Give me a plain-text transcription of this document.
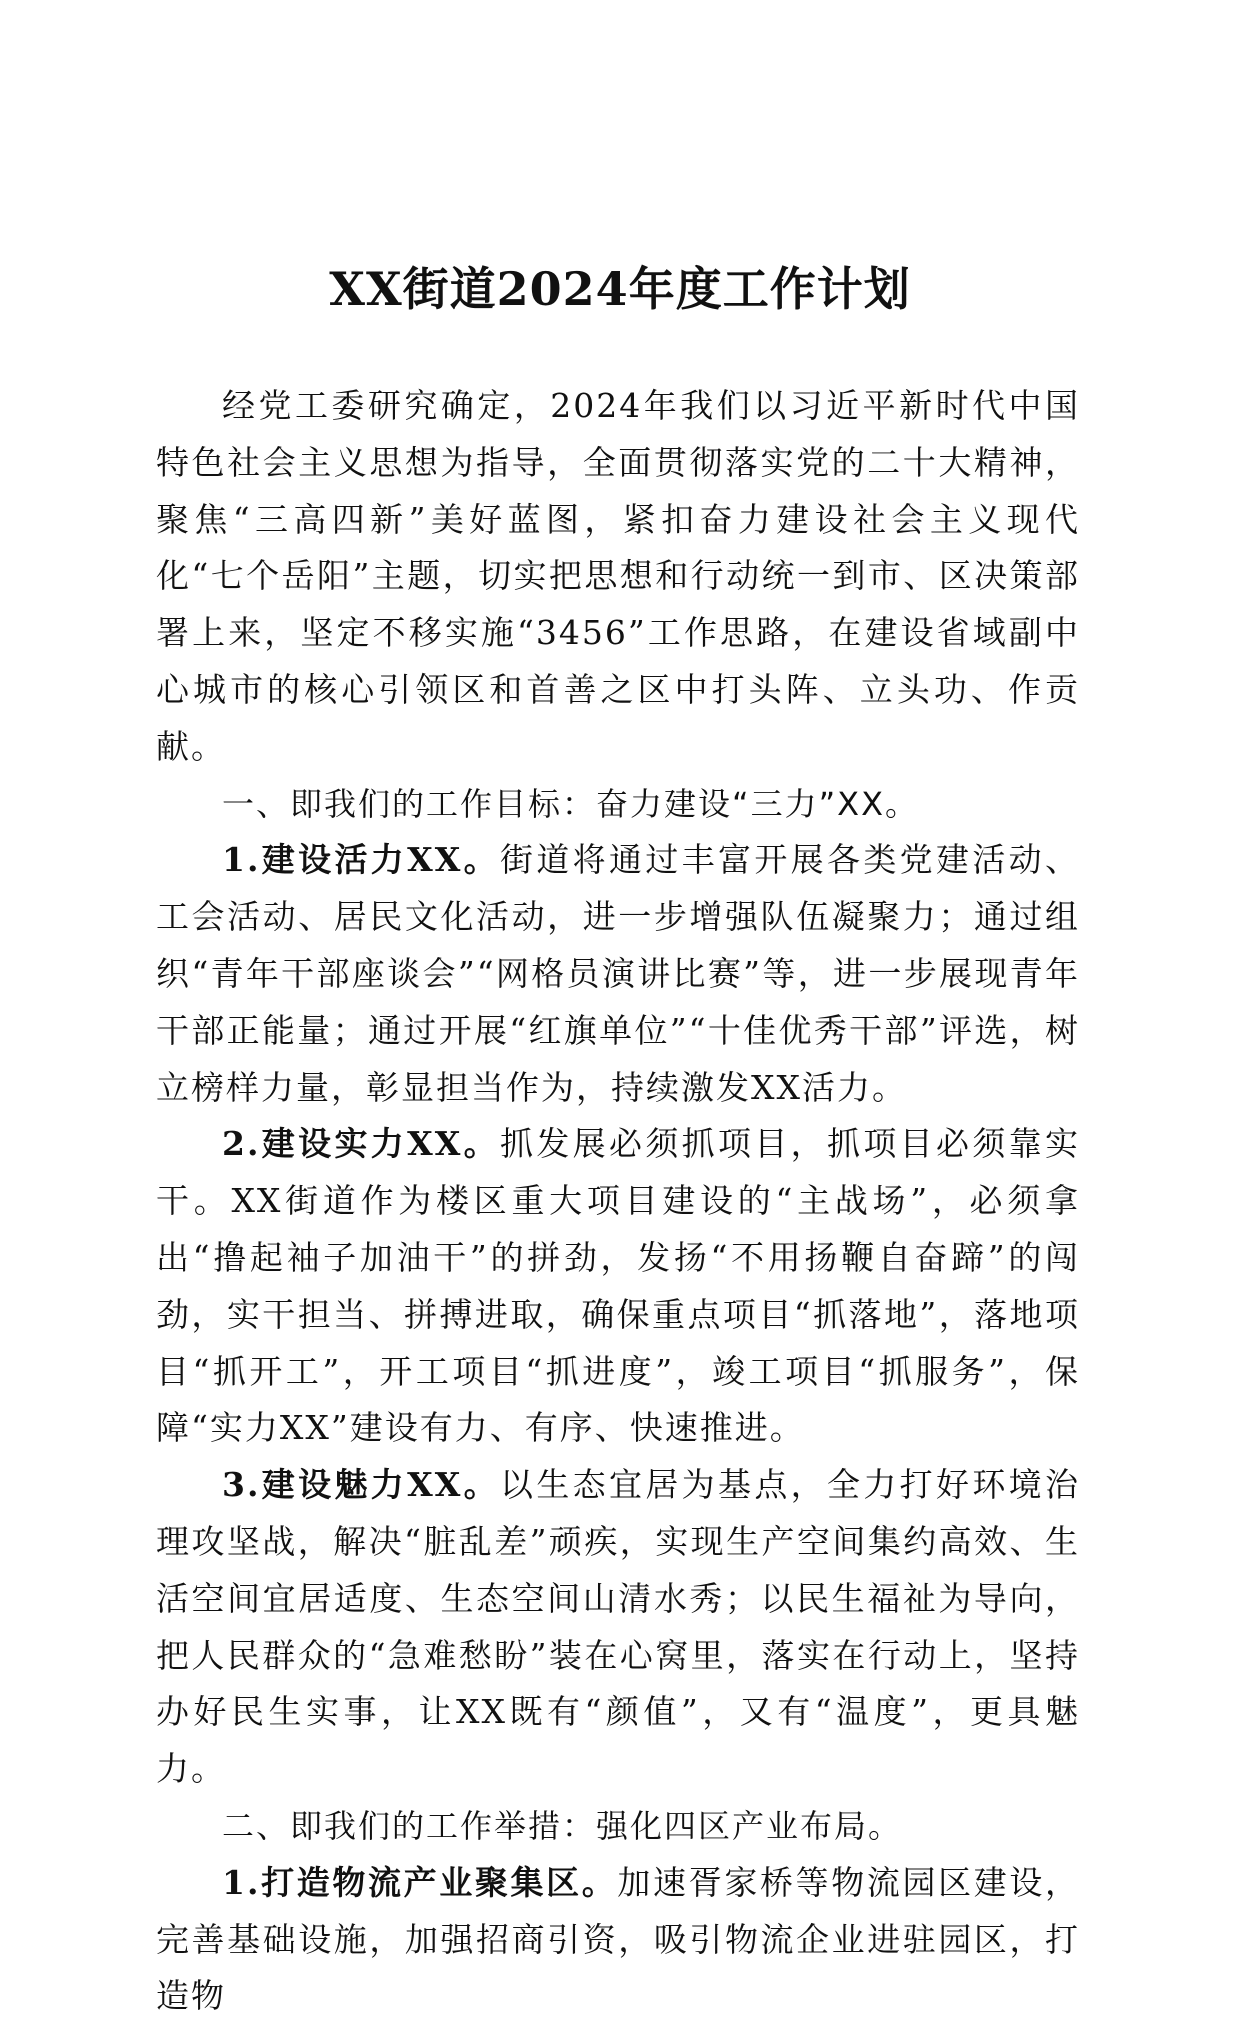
XX街道2024年度工作计划

经党工委研究确定，2024年我们以习近平新时代中国特色社会主义思想为指导，全面贯彻落实党的二十大精神，聚焦“三高四新”美好蓝图，紧扣奋力建设社会主义现代化“七个岳阳”主题，切实把思想和行动统一到市、区决策部署上来，坚定不移实施“3456”工作思路，在建设省域副中心城市的核心引领区和首善之区中打头阵、立头功、作贡献。

一、即我们的工作目标：奋力建设“三力”XX。

1.建设活力XX。街道将通过丰富开展各类党建活动、工会活动、居民文化活动，进一步增强队伍凝聚力；通过组织“青年干部座谈会”“网格员演讲比赛”等，进一步展现青年干部正能量；通过开展“红旗单位”“十佳优秀干部”评选，树立榜样力量，彰显担当作为，持续激发XX活力。

2.建设实力XX。抓发展必须抓项目，抓项目必须靠实干。XX街道作为楼区重大项目建设的“主战场”，必须拿出“撸起袖子加油干”的拼劲，发扬“不用扬鞭自奋蹄”的闯劲，实干担当、拼搏进取，确保重点项目“抓落地”，落地项目“抓开工”，开工项目“抓进度”，竣工项目“抓服务”，保障“实力XX”建设有力、有序、快速推进。

3.建设魅力XX。以生态宜居为基点，全力打好环境治理攻坚战，解决“脏乱差”顽疾，实现生产空间集约高效、生活空间宜居适度、生态空间山清水秀；以民生福祉为导向，把人民群众的“急难愁盼”装在心窝里，落实在行动上，坚持办好民生实事，让XX既有“颜值”，又有“温度”，更具魅力。

二、即我们的工作举措：强化四区产业布局。

1.打造物流产业聚集区。加速胥家桥等物流园区建设，完善基础设施，加强招商引资，吸引物流企业进驻园区，打造物
